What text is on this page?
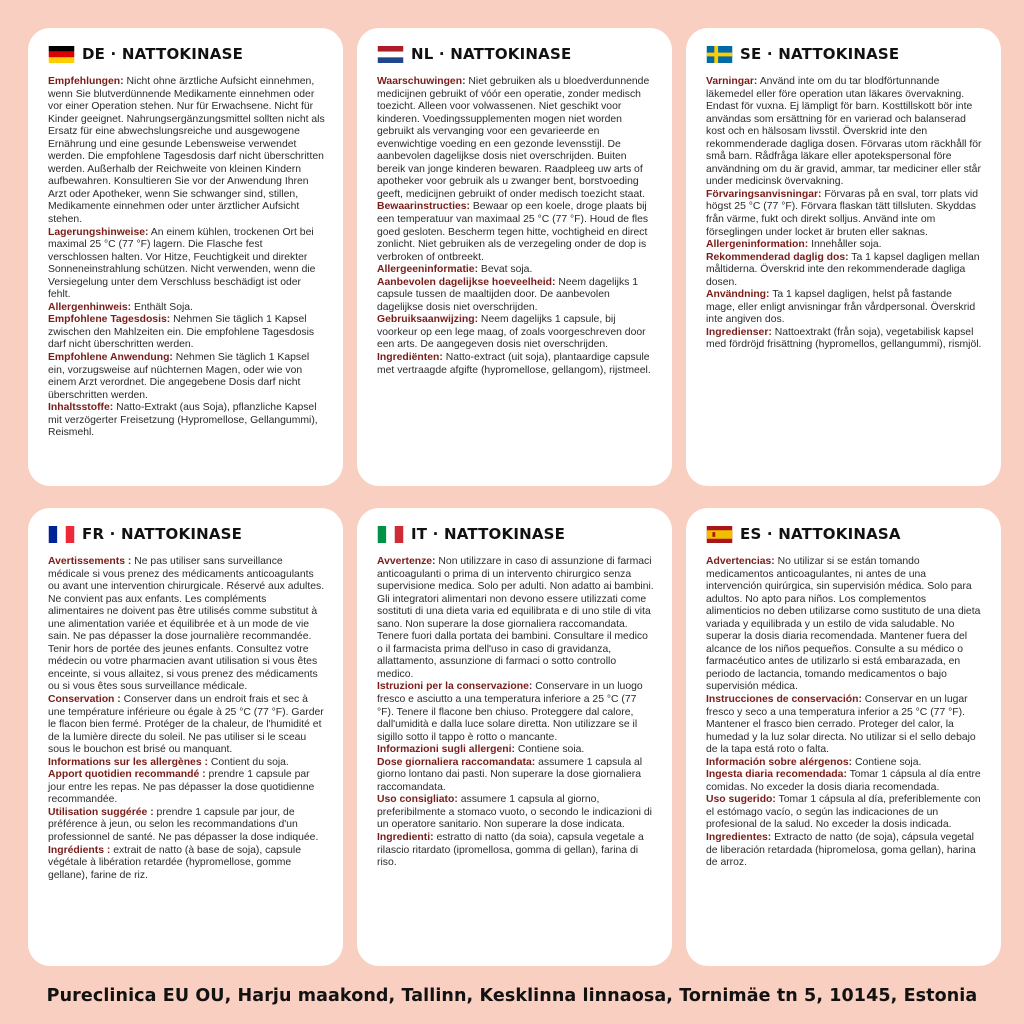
DE · NATTOKINASE

Empfehlungen: Nicht ohne ärztliche Aufsicht einnehmen, wenn Sie blutverdünnende Medikamente einnehmen oder vor einer Operation stehen. Nur für Erwachsene. Nicht für Kinder geeignet. Nahrungsergänzungsmittel sollten nicht als Ersatz für eine abwechslungsreiche und ausgewogene Ernährung und eine gesunde Lebensweise verwendet werden. Die empfohlene Tagesdosis darf nicht überschritten werden. Außerhalb der Reichweite von kleinen Kindern aufbewahren. Konsultieren Sie vor der Anwendung Ihren Arzt oder Apotheker, wenn Sie schwanger sind, stillen, Medikamente einnehmen oder unter ärztlicher Aufsicht stehen.

Lagerungshinweise: An einem kühlen, trockenen Ort bei maximal 25 °C (77 °F) lagern. Die Flasche fest verschlossen halten. Vor Hitze, Feuchtigkeit und direkter Sonneneinstrahlung schützen. Nicht verwenden, wenn die Versiegelung unter dem Verschluss beschädigt ist oder fehlt.

Allergenhinweis: Enthält Soja.

Empfohlene Tagesdosis: Nehmen Sie täglich 1 Kapsel zwischen den Mahlzeiten ein. Die empfohlene Tagesdosis darf nicht überschritten werden.

Empfohlene Anwendung: Nehmen Sie täglich 1 Kapsel ein, vorzugsweise auf nüchternen Magen, oder wie von einem Arzt verordnet. Die angegebene Dosis darf nicht überschritten werden.

Inhaltsstoffe: Natto-Extrakt (aus Soja), pflanzliche Kapsel mit verzögerter Freisetzung (Hypromellose, Gellangummi), Reismehl.

NL · NATTOKINASE

Waarschuwingen: Niet gebruiken als u bloedverdunnende medicijnen gebruikt of vóór een operatie, zonder medisch toezicht. Alleen voor volwassenen. Niet geschikt voor kinderen. Voedingssupplementen mogen niet worden gebruikt als vervanging voor een gevarieerde en evenwichtige voeding en een gezonde levensstijl. De aanbevolen dagelijkse dosis niet overschrijden. Buiten bereik van jonge kinderen bewaren. Raadpleeg uw arts of apotheker voor gebruik als u zwanger bent, borstvoeding geeft, medicijnen gebruikt of onder medisch toezicht staat.

Bewaarinstructies: Bewaar op een koele, droge plaats bij een temperatuur van maximaal 25 °C (77 °F). Houd de fles goed gesloten. Bescherm tegen hitte, vochtigheid en direct zonlicht. Niet gebruiken als de verzegeling onder de dop is verbroken of ontbreekt.

Allergeeninformatie: Bevat soja.

Aanbevolen dagelijkse hoeveelheid: Neem dagelijks 1 capsule tussen de maaltijden door. De aanbevolen dagelijkse dosis niet overschrijden.

Gebruiksaanwijzing: Neem dagelijks 1 capsule, bij voorkeur op een lege maag, of zoals voorgeschreven door een arts. De aangegeven dosis niet overschrijden.

Ingrediënten: Natto-extract (uit soja), plantaardige capsule met vertraagde afgifte (hypromellose, gellangom), rijstmeel.

SE · NATTOKINASE

Varningar: Använd inte om du tar blodförtunnande läkemedel eller före operation utan läkares övervakning. Endast för vuxna. Ej lämpligt för barn. Kosttillskott bör inte användas som ersättning för en varierad och balanserad kost och en hälsosam livsstil. Överskrid inte den rekommenderade dagliga dosen. Förvaras utom räckhåll för små barn. Rådfråga läkare eller apotekspersonal före användning om du är gravid, ammar, tar mediciner eller står under medicinsk övervakning.

Förvaringsanvisningar: Förvaras på en sval, torr plats vid högst 25 °C (77 °F). Förvara flaskan tätt tillsluten. Skyddas från värme, fukt och direkt solljus. Använd inte om förseglingen under locket är bruten eller saknas.

Allergeninformation: Innehåller soja.

Rekommenderad daglig dos: Ta 1 kapsel dagligen mellan måltiderna. Överskrid inte den rekommenderade dagliga dosen.

Användning: Ta 1 kapsel dagligen, helst på fastande mage, eller enligt anvisningar från vårdpersonal. Överskrid inte angiven dos.

Ingredienser: Nattoextrakt (från soja), vegetabilisk kapsel med fördröjd frisättning (hypromellos, gellangummi), rismjöl.

FR · NATTOKINASE

Avertissements : Ne pas utiliser sans surveillance médicale si vous prenez des médicaments anticoagulants ou avant une intervention chirurgicale. Réservé aux adultes. Ne convient pas aux enfants. Les compléments alimentaires ne doivent pas être utilisés comme substitut à une alimentation variée et équilibrée et à un mode de vie sain. Ne pas dépasser la dose journalière recommandée. Tenir hors de portée des jeunes enfants. Consultez votre médecin ou votre pharmacien avant utilisation si vous êtes enceinte, si vous allaitez, si vous prenez des médicaments ou si vous êtes sous surveillance médicale.

Conservation : Conserver dans un endroit frais et sec à une température inférieure ou égale à 25 °C (77 °F). Garder le flacon bien fermé. Protéger de la chaleur, de l'humidité et de la lumière directe du soleil. Ne pas utiliser si le sceau sous le bouchon est brisé ou manquant.

Informations sur les allergènes : Contient du soja.

Apport quotidien recommandé : prendre 1 capsule par jour entre les repas. Ne pas dépasser la dose quotidienne recommandée.

Utilisation suggérée : prendre 1 capsule par jour, de préférence à jeun, ou selon les recommandations d'un professionnel de santé. Ne pas dépasser la dose indiquée.

Ingrédients : extrait de natto (à base de soja), capsule végétale à libération retardée (hypromellose, gomme gellane), farine de riz.

IT · NATTOKINASE

Avvertenze: Non utilizzare in caso di assunzione di farmaci anticoagulanti o prima di un intervento chirurgico senza supervisione medica. Solo per adulti. Non adatto ai bambini. Gli integratori alimentari non devono essere utilizzati come sostituti di una dieta varia ed equilibrata e di uno stile di vita sano. Non superare la dose giornaliera raccomandata. Tenere fuori dalla portata dei bambini. Consultare il medico o il farmacista prima dell'uso in caso di gravidanza, allattamento, assunzione di farmaci o sotto controllo medico.

Istruzioni per la conservazione: Conservare in un luogo fresco e asciutto a una temperatura inferiore a 25 °C (77 °F). Tenere il flacone ben chiuso. Proteggere dal calore, dall'umidità e dalla luce solare diretta. Non utilizzare se il sigillo sotto il tappo è rotto o mancante.

Informazioni sugli allergeni: Contiene soia.

Dose giornaliera raccomandata: assumere 1 capsula al giorno lontano dai pasti. Non superare la dose giornaliera raccomandata.

Uso consigliato: assumere 1 capsula al giorno, preferibilmente a stomaco vuoto, o secondo le indicazioni di un operatore sanitario. Non superare la dose indicata.

Ingredienti: estratto di natto (da soia), capsula vegetale a rilascio ritardato (ipromellosa, gomma di gellan), farina di riso.

ES · NATTOKINASA

Advertencias: No utilizar si se están tomando medicamentos anticoagulantes, ni antes de una intervención quirúrgica, sin supervisión médica. Solo para adultos. No apto para niños. Los complementos alimenticios no deben utilizarse como sustituto de una dieta variada y equilibrada y un estilo de vida saludable. No superar la dosis diaria recomendada. Mantener fuera del alcance de los niños pequeños. Consulte a su médico o farmacéutico antes de utilizarlo si está embarazada, en periodo de lactancia, tomando medicamentos o bajo supervisión médica.

Instrucciones de conservación: Conservar en un lugar fresco y seco a una temperatura inferior a 25 °C (77 °F). Mantener el frasco bien cerrado. Proteger del calor, la humedad y la luz solar directa. No utilizar si el sello debajo de la tapa está roto o falta.

Información sobre alérgenos: Contiene soja.

Ingesta diaria recomendada: Tomar 1 cápsula al día entre comidas. No exceder la dosis diaria recomendada.

Uso sugerido: Tomar 1 cápsula al día, preferiblemente con el estómago vacío, o según las indicaciones de un profesional de la salud. No exceder la dosis indicada.

Ingredientes: Extracto de natto (de soja), cápsula vegetal de liberación retardada (hipromelosa, goma gellan), harina de arroz.

Pureclinica EU OU, Harju maakond, Tallinn, Kesklinna linnaosa, Tornimäe tn 5, 10145, Estonia
